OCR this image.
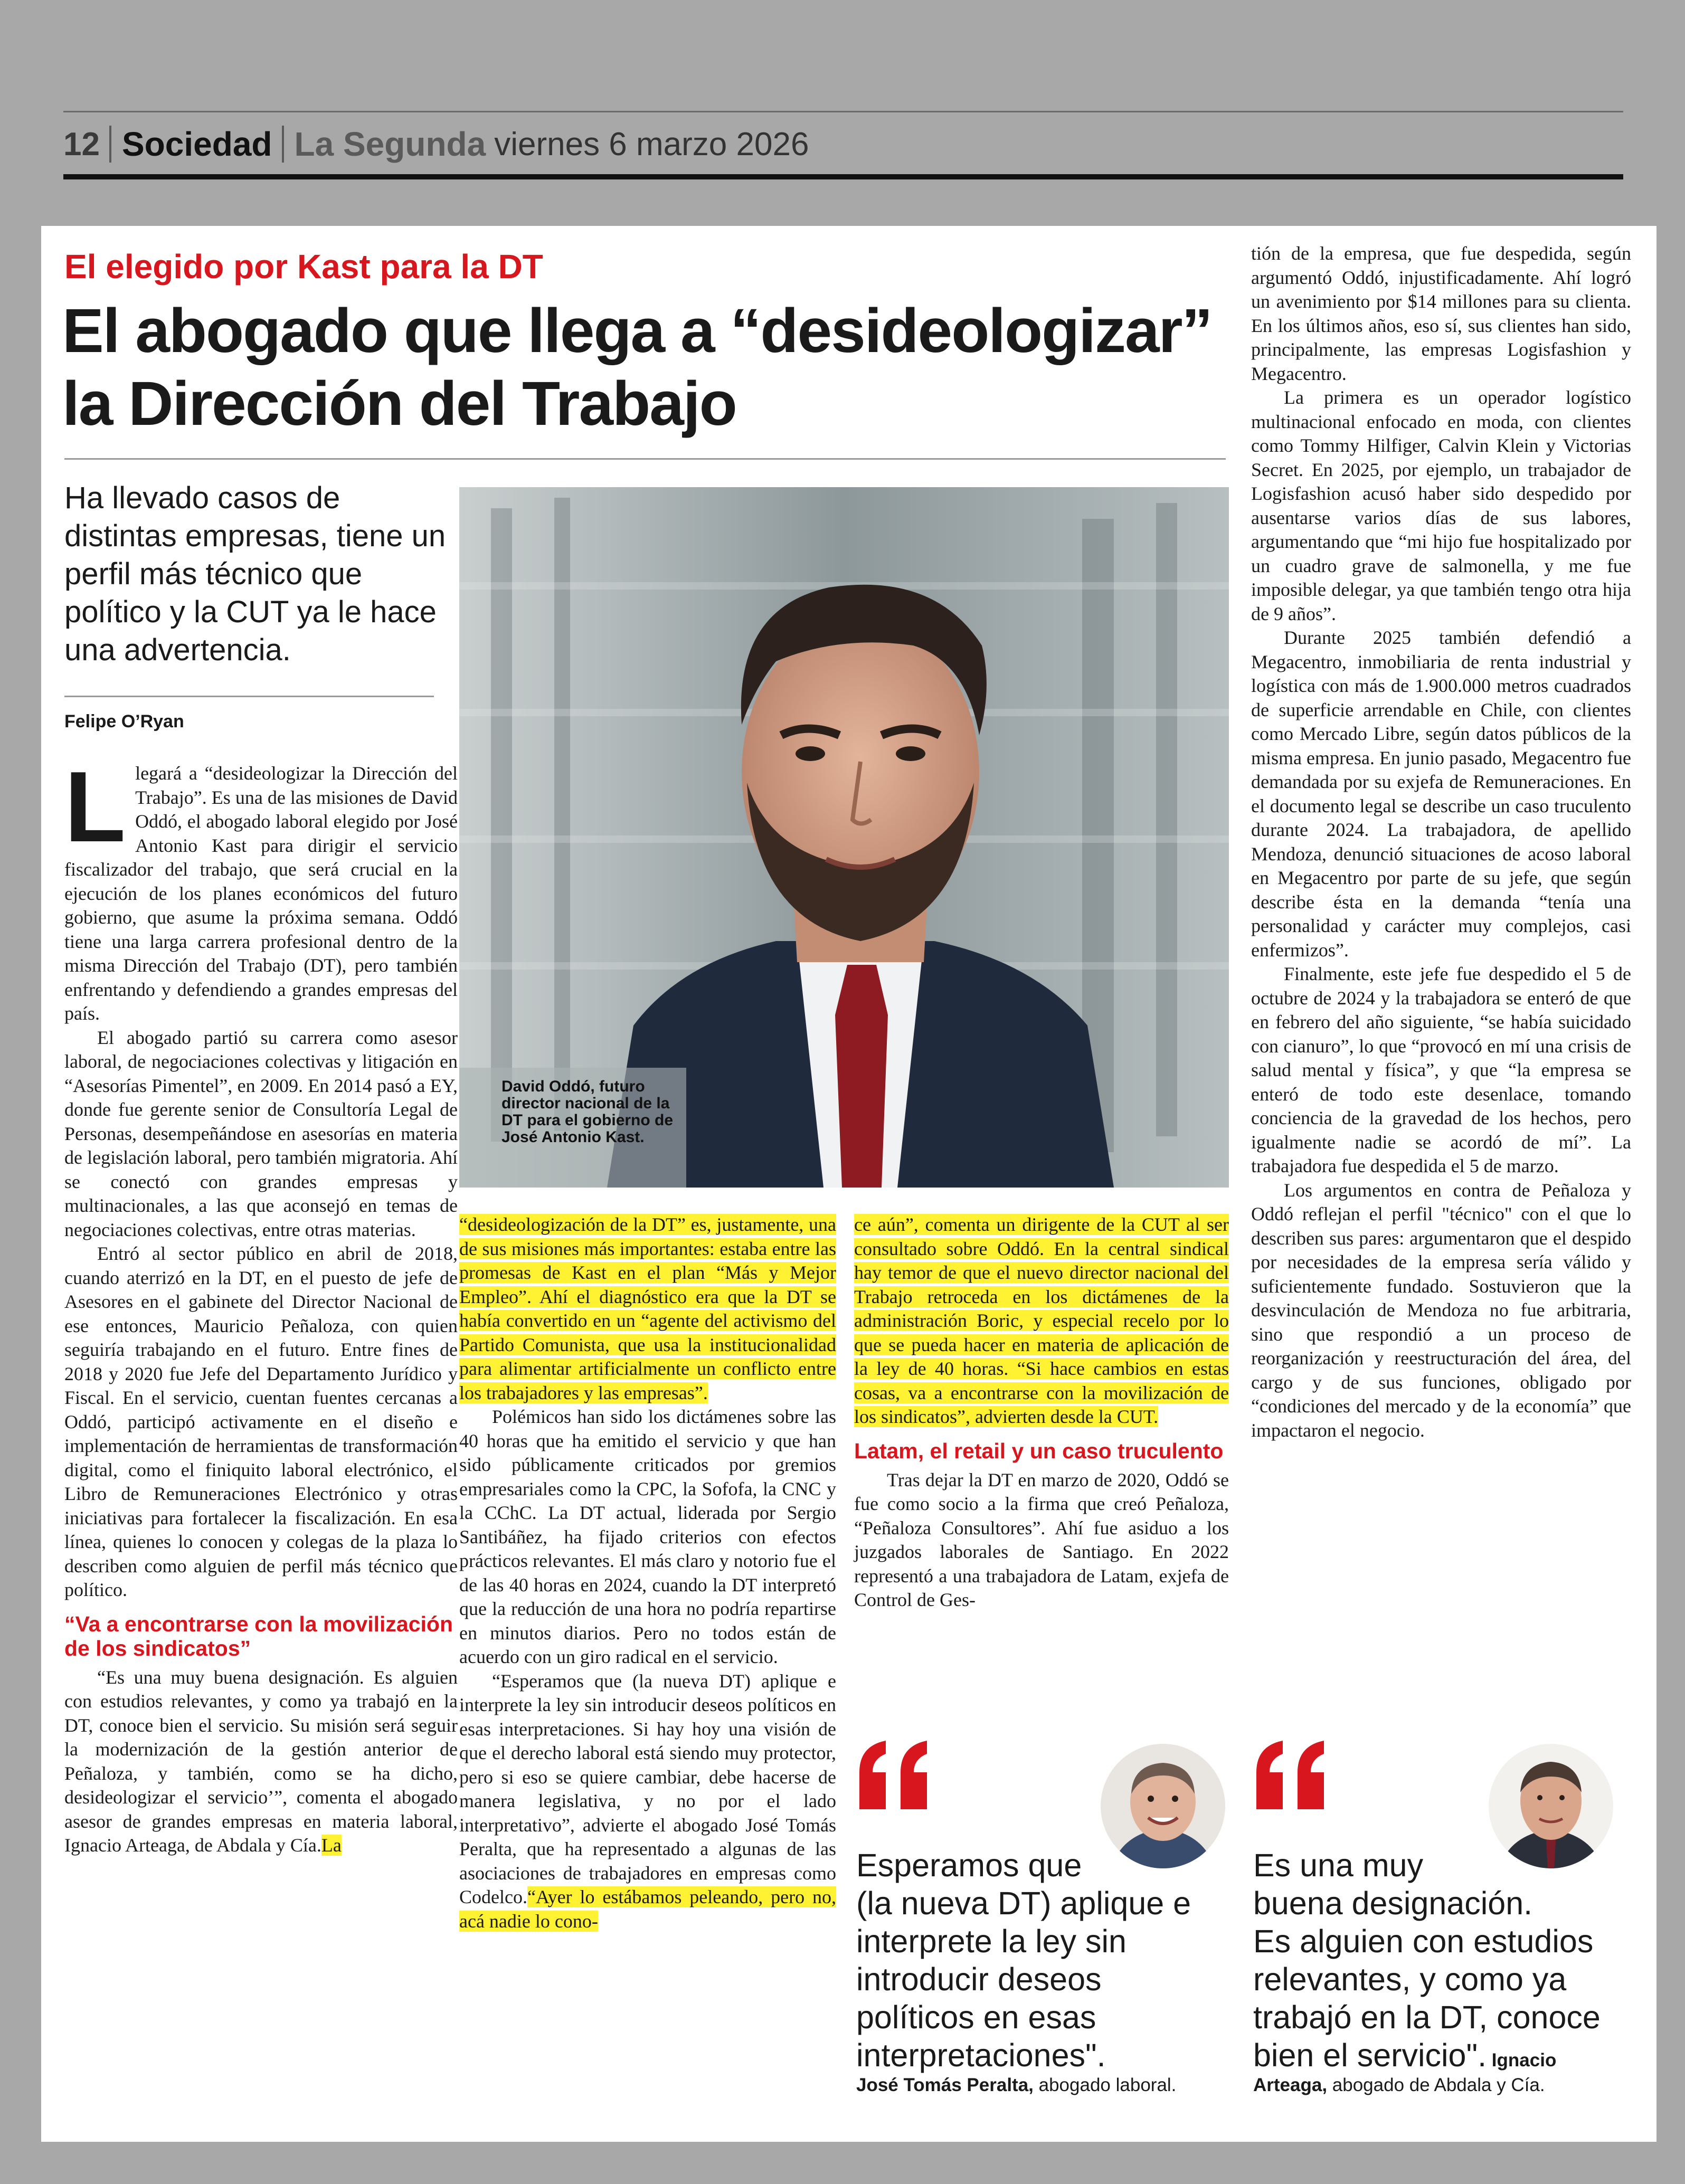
12 Sociedad La Segunda viernes 6 marzo 2026
El elegido por Kast para la DT
El abogado que llega a “desideologizar”
la Dirección del Trabajo
Ha llevado casos de distintas empresas, tiene un perfil más técnico que político y la CUT ya le hace una advertencia.
Felipe O’Ryan

Llegará a “desideologizar la Dirección del Trabajo”. Es una de las misiones de David Oddó, el abogado laboral elegido por José Antonio Kast para dirigir el servicio fiscalizador del trabajo, que será crucial en la ejecución de los planes económicos del futuro gobierno, que asume la próxima semana. Oddó tiene una larga carrera profesional dentro de la misma Dirección del Trabajo (DT), pero también enfrentando y defendiendo a grandes empresas del país.

El abogado partió su carrera como asesor laboral, de negociaciones colectivas y litigación en “Asesorías Pimentel”, en 2009. En 2014 pasó a EY, donde fue gerente senior de Consultoría Legal de Personas, desempeñándose en asesorías en materia de legislación laboral, pero también migratoria. Ahí se conectó con grandes empresas y multinacionales, a las que aconsejó en temas de negociaciones colectivas, entre otras materias.

Entró al sector público en abril de 2018, cuando aterrizó en la DT, en el puesto de jefe de Asesores en el gabinete del Director Nacional de ese entonces, Mauricio Peñaloza, con quien seguiría trabajando en el futuro. Entre fines de 2018 y 2020 fue Jefe del Departamento Jurídico y Fiscal. En el servicio, cuentan fuentes cercanas a Oddó, participó activamente en el diseño e implementación de herramientas de transformación digital, como el finiquito laboral electrónico, el Libro de Remuneraciones Electrónico y otras iniciativas para fortalecer la fiscalización. En esa línea, quienes lo conocen y colegas de la plaza lo describen como alguien de perfil más técnico que político.

“Va a encontrarse con la movilización de los sindicatos”

“Es una muy buena designación. Es alguien con estudios relevantes, y como ya trabajó en la DT, conoce bien el servicio. Su misión será seguir la modernización de la gestión anterior de Peñaloza, y también, como se ha dicho, desideologizar el servicio’”, comenta el abogado asesor de grandes empresas en materia laboral, Ignacio Arteaga, de Abdala y Cía.La

David Oddó, futuro director nacional de la DT para el gobierno de José Antonio Kast.

“desideologización de la DT” es, justamente, una de sus misiones más importantes: estaba entre las promesas de Kast en el plan “Más y Mejor Empleo”. Ahí el diagnóstico era que la DT se había convertido en un “agente del activismo del Partido Comunista, que usa la institucionalidad para alimentar artificialmente un conflicto entre los trabajadores y las empresas”.

Polémicos han sido los dictámenes sobre las 40 horas que ha emitido el servicio y que han sido públicamente criticados por gremios empresariales como la CPC, la Sofofa, la CNC y la CChC. La DT actual, liderada por Sergio Santibáñez, ha fijado criterios con efectos prácticos relevantes. El más claro y notorio fue el de las 40 horas en 2024, cuando la DT interpretó que la reducción de una hora no podría repartirse en minutos diarios. Pero no todos están de acuerdo con un giro radical en el servicio.

“Esperamos que (la nueva DT) aplique e interprete la ley sin introducir deseos políticos en esas interpretaciones. Si hay hoy una visión de que el derecho laboral está siendo muy protector, pero si eso se quiere cambiar, debe hacerse de manera legislativa, y no por el lado interpretativo”, advierte el abogado José Tomás Peralta, que ha representado a algunas de las asociaciones de trabajadores en empresas como Codelco.“Ayer lo estábamos peleando, pero no, acá nadie lo cono-

ce aún”, comenta un dirigente de la CUT al ser consultado sobre Oddó. En la central sindical hay temor de que el nuevo director nacional del Trabajo retroceda en los dictámenes de la administración Boric, y especial recelo por lo que se pueda hacer en materia de aplicación de la ley de 40 horas. “Si hace cambios en estas cosas, va a encontrarse con la movilización de los sindicatos”, advierten desde la CUT.

Latam, el retail y un caso truculento

Tras dejar la DT en marzo de 2020, Oddó se fue como socio a la firma que creó Peñaloza, “Peñaloza Consultores”. Ahí fue asiduo a los juzgados laborales de Santiago. En 2022 representó a una trabajadora de Latam, exjefa de Control de Ges-

tión de la empresa, que fue despedida, según argumentó Oddó, injustificadamente. Ahí logró un avenimiento por $14 millones para su clienta. En los últimos años, eso sí, sus clientes han sido, principalmente, las empresas Logisfashion y Megacentro.

La primera es un operador logístico multinacional enfocado en moda, con clientes como Tommy Hilfiger, Calvin Klein y Victorias Secret. En 2025, por ejemplo, un trabajador de Logisfashion acusó haber sido despedido por ausentarse varios días de sus labores, argumentando que “mi hijo fue hospitalizado por un cuadro grave de salmonella, y me fue imposible delegar, ya que también tengo otra hija de 9 años”.

Durante 2025 también defendió a Megacentro, inmobiliaria de renta industrial y logística con más de 1.900.000 metros cuadrados de superficie arrendable en Chile, con clientes como Mercado Libre, según datos públicos de la misma empresa. En junio pasado, Megacentro fue demandada por su exjefa de Remuneraciones. En el documento legal se describe un caso truculento durante 2024. La trabajadora, de apellido Mendoza, denunció situaciones de acoso laboral en Megacentro por parte de su jefe, que según describe ésta en la demanda “tenía una personalidad y carácter muy complejos, casi enfermizos”.

Finalmente, este jefe fue despedido el 5 de octubre de 2024 y la trabajadora se enteró de que en febrero del año siguiente, “se había suicidado con cianuro”, lo que “provocó en mí una crisis de salud mental y física”, y que “la empresa se enteró de todo este desenlace, tomando conciencia de la gravedad de los hechos, pero igualmente nadie se acordó de mí”. La trabajadora fue despedida el 5 de marzo.

Los argumentos en contra de Peñaloza y Oddó reflejan el perfil "técnico" con el que lo describen sus pares: argumentaron que el despido por necesidades de la empresa sería válido y suficientemente fundado. Sostuvieron que la desvinculación de Mendoza no fue arbitraria, sino que respondió a un proceso de reorganización y reestructuración del área, del cargo y de sus funciones, obligado por “condiciones del mercado y de la economía” que impactaron el negocio.

Esperamos que
(la nueva DT) aplique e
interprete la ley sin
introducir deseos
políticos en esas
interpretaciones".
José Tomás Peralta, abogado laboral.
Es una muy
buena designación.
Es alguien con estudios
relevantes, y como ya
trabajó en la DT, conoce
bien el servicio". Ignacio
Arteaga, abogado de Abdala y Cía.
